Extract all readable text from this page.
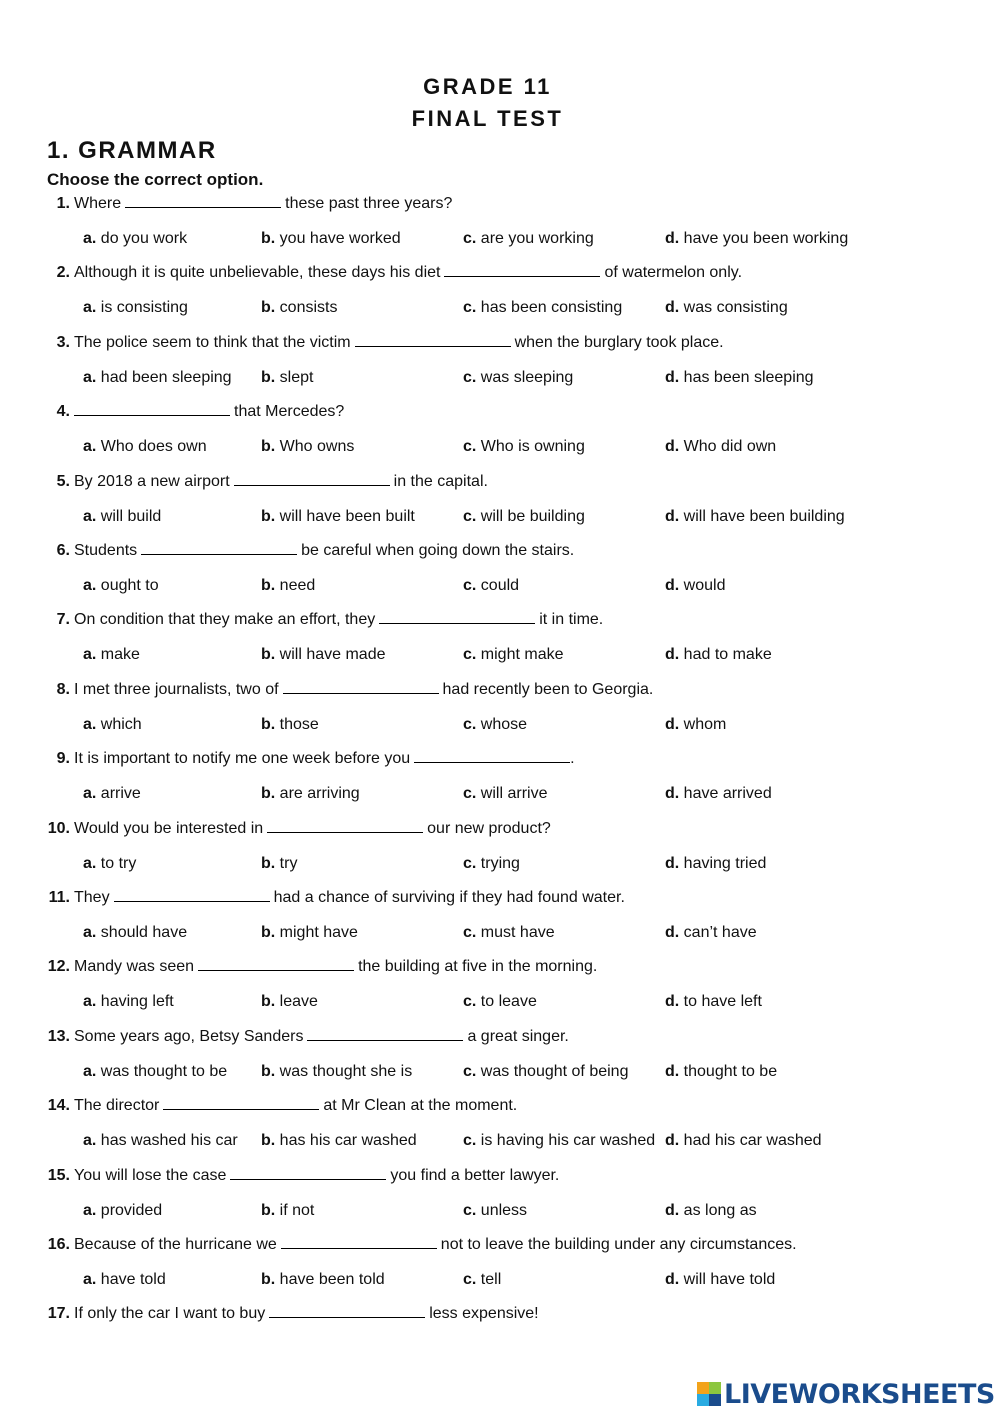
GRADE 11
FINAL TEST
1. GRAMMAR
Choose the correct option.
1. Where	these past three years?
a. do you work	b. you have worked	c. are you working	d. have you been working
2. Although it is quite unbelievable, these days his diet	of watermelon only.
a. is consisting	b. consists	c. has been consisting	d. was consisting
3. The police seem to think that the victim	when the burglary took place.
a. had been sleeping b. slept	c. was sleeping	d. has been sleeping
4.	that Mercedes?
a. Who does own	b. Who owns	c. Who is owning	d. Who did own
5. By 2018 a new airport	in the capital.
a. will build	b. will have been built	c. will be building	d. will have been building
6. Students	be careful when going down the stairs.
a. ought to	b. need	c. could	d. would
7. On condition that they make an effort, they	it in time.
a. make	b. will have made	c. might make	d. had to make
8. I met three journalists, two of	had recently been to Georgia.
a. which	b. those	c. whose	d. whom
9. It is important to notify me one week before you	.
a. arrive	b. are arriving	c. will arrive	d. have arrived
10. Would you be interested in	our new product?
a. to try	b. try	c. trying	d. having tried
11. They	had a chance of surviving if they had found water.
a. should have	b. might have	c. must have	d. can’t have
12. Mandy was seen	the building at five in the morning.
a. having left	b. leave	c. to leave	d. to have left
13. Some years ago, Betsy Sanders	a great singer.
a. was thought to be b. was thought she is	c. was thought of being d. thought to be
14. The director	at Mr Clean at the moment.
a. has washed his car b. has his car washed	c. is having his car washed d. had his car washed
15. You will lose the case	you find a better lawyer.
a. provided	b. if not	c. unless	d. as long as
16. Because of the hurricane we	not to leave the building under any circumstances.
a. have told	b. have been told	c. tell	d. will have told
17. If only the car I want to buy	less expensive!
LIVEWORKSHEETS
